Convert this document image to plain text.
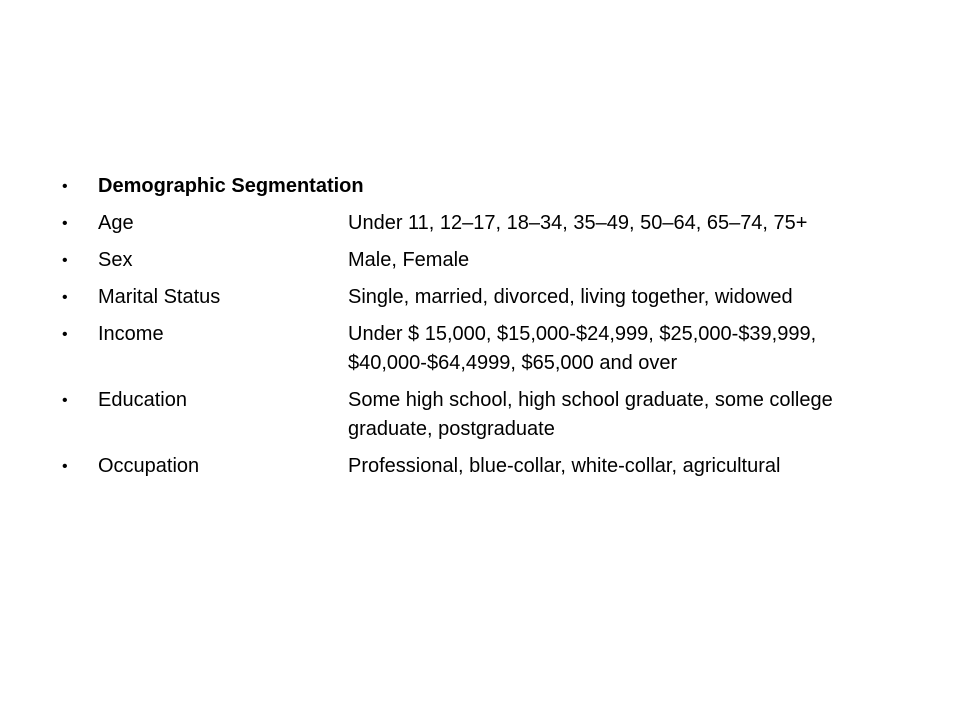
•	Demographic Segmentation
•	Age	Under 11, 12–17, 18–34, 35–49, 50–64, 65–74, 75+
•	Sex	Male, Female
•	Marital Status	Single, married, divorced, living together, widowed
•	Income	Under $ 15,000, $15,000-$24,999, $25,000-$39,999, $40,000-$64,4999, $65,000 and over
•	Education	Some high school, high school graduate, some college graduate, postgraduate
•	Occupation	Professional, blue-collar, white-collar, agricultural
